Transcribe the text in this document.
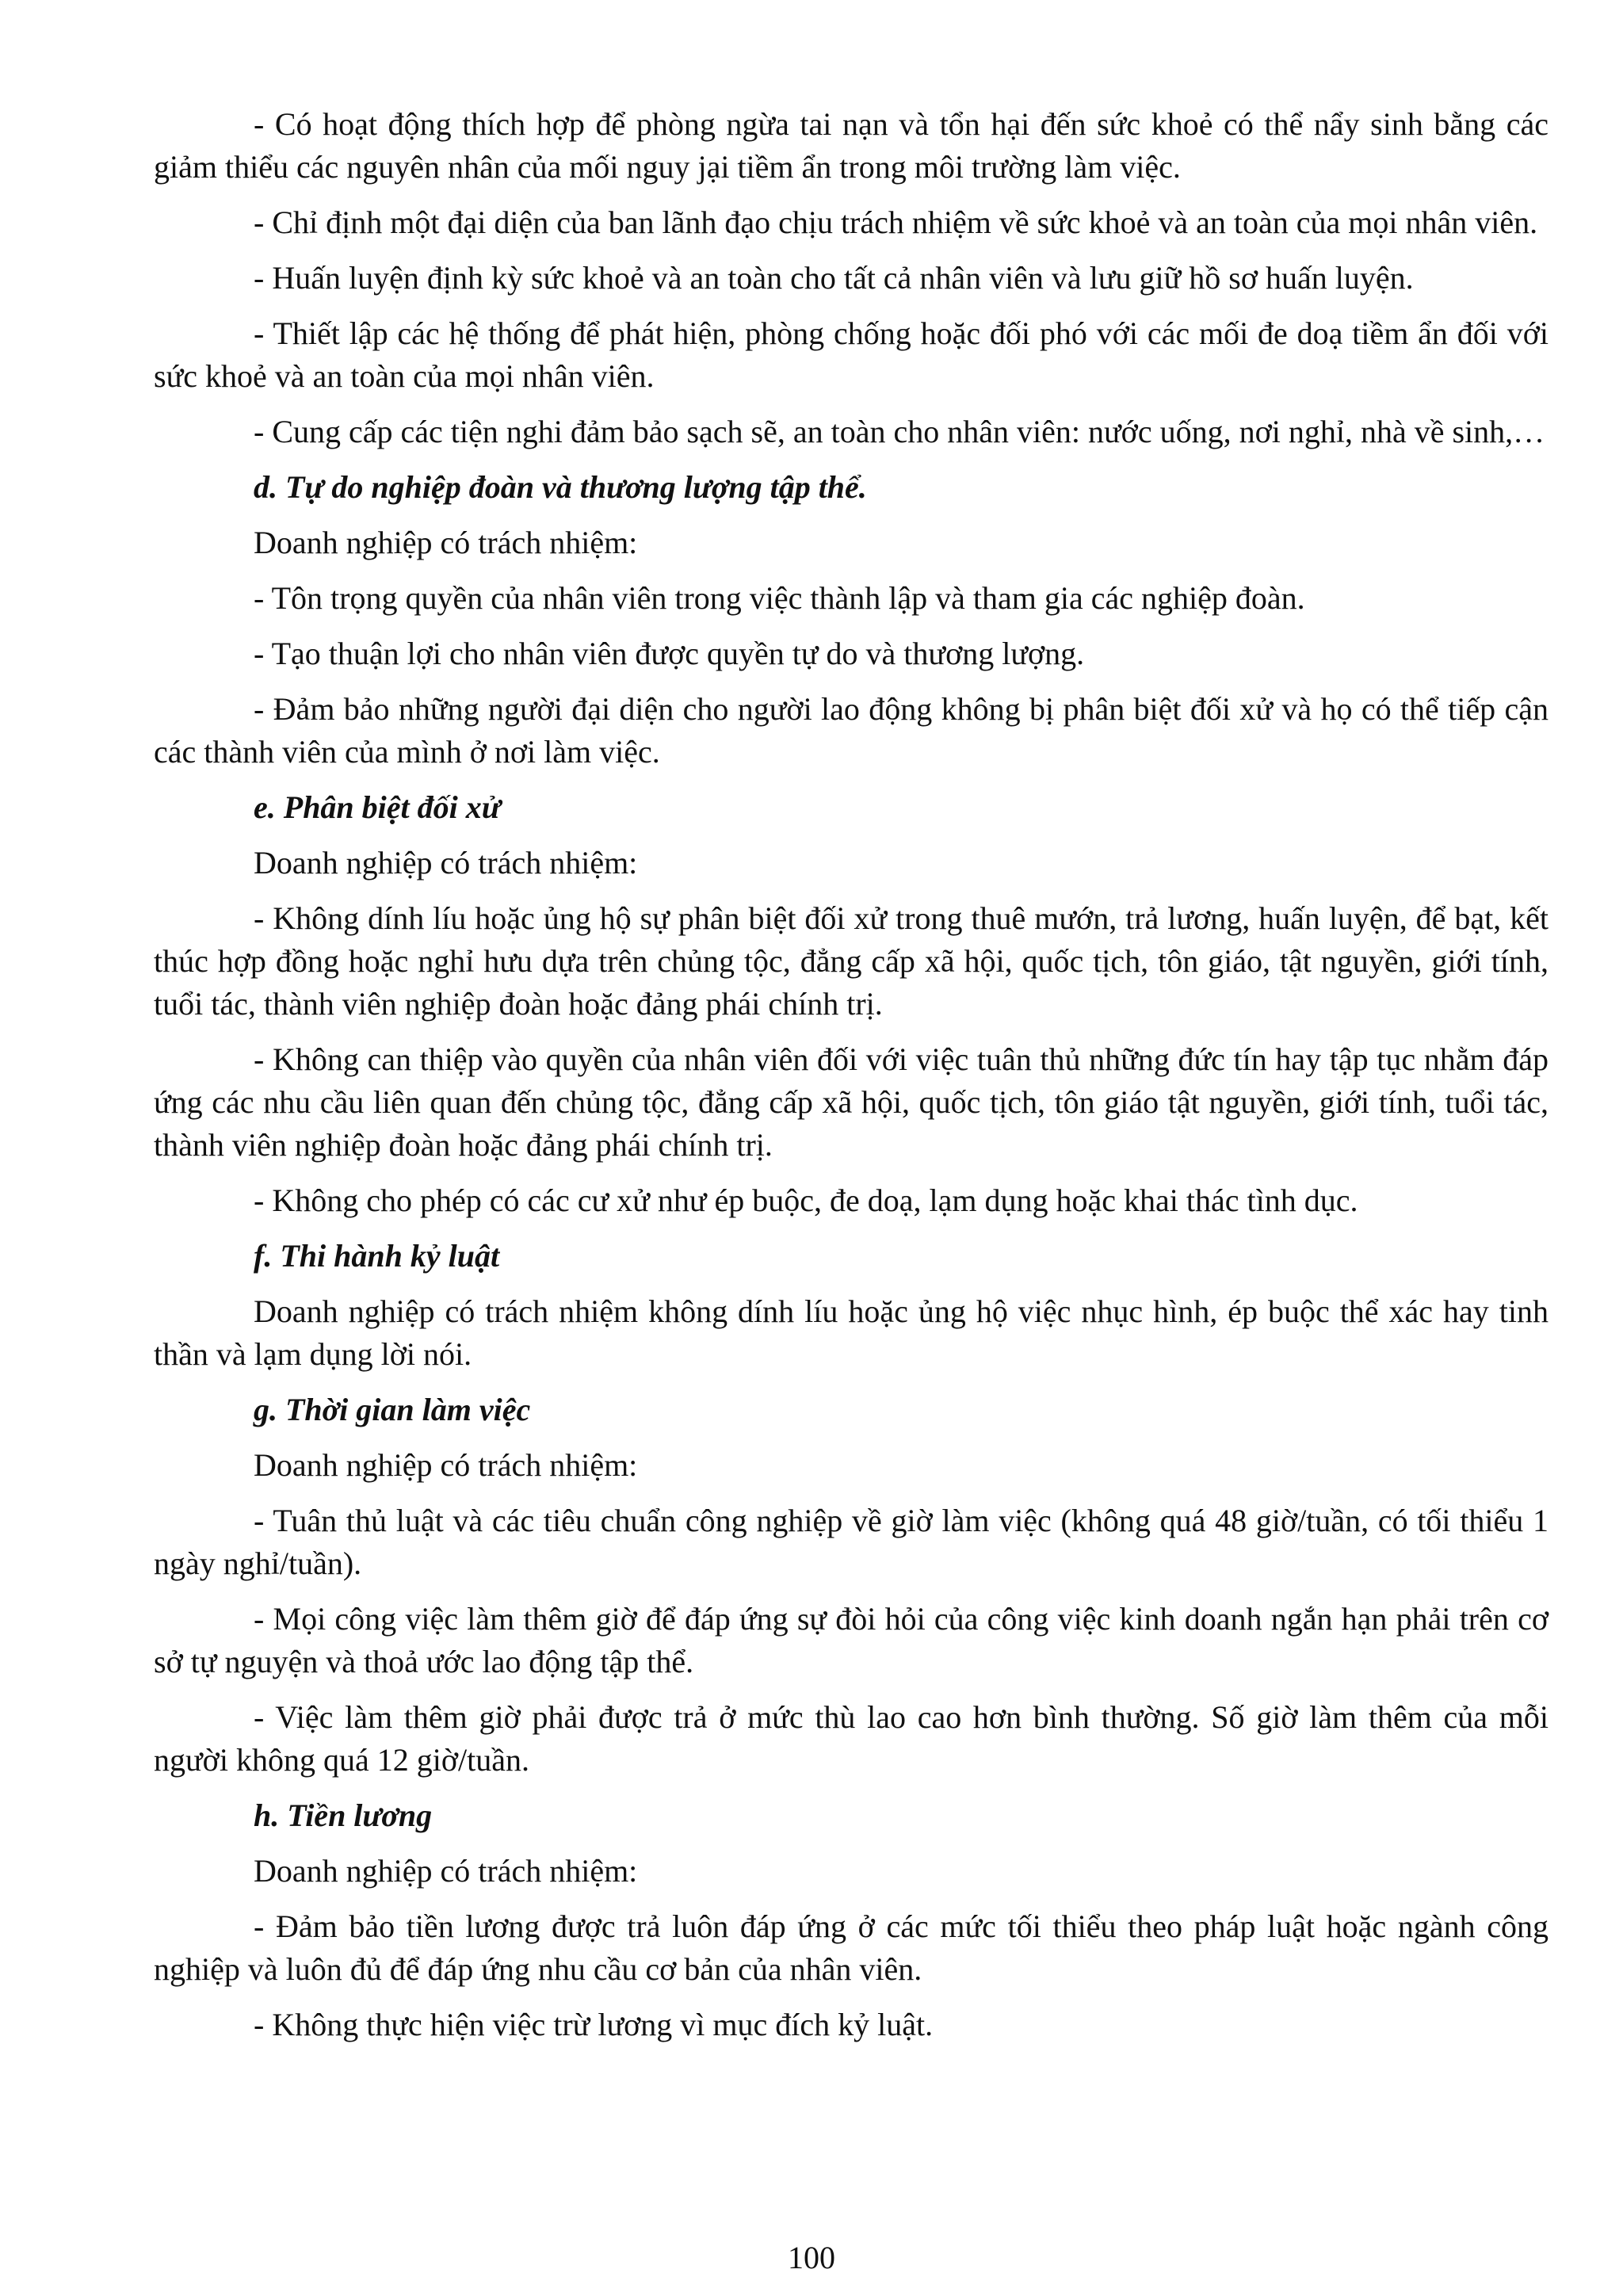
- Có hoạt động thích hợp để phòng ngừa tai nạn và tổn hại đến sức khoẻ có thể nẩy sinh bằng các giảm thiểu các nguyên nhân của mối nguy jại tiềm ẩn trong môi trường làm việc.

- Chỉ định một đại diện của ban lãnh đạo chịu trách nhiệm về sức khoẻ và an toàn của mọi nhân viên.

- Huấn luyện định kỳ sức khoẻ và an toàn cho tất cả nhân viên và lưu giữ hồ sơ huấn luyện.

- Thiết lập các hệ thống để phát hiện, phòng chống hoặc đối phó với các mối đe doạ tiềm ẩn đối với sức khoẻ và an toàn của mọi nhân viên.

- Cung cấp các tiện nghi đảm bảo sạch sẽ, an toàn cho nhân viên: nước uống, nơi nghỉ, nhà về sinh,…

d. Tự do nghiệp đoàn và thương lượng tập thể.

Doanh nghiệp có trách nhiệm:

- Tôn trọng quyền của nhân viên trong việc thành lập và tham gia các nghiệp đoàn.

- Tạo thuận lợi cho nhân viên được quyền tự do và thương lượng.

- Đảm bảo những người đại diện cho người lao động không bị phân biệt đối xử và họ có thể tiếp cận các thành viên của mình ở nơi làm việc.

e. Phân biệt đối xử

Doanh nghiệp có trách nhiệm:

- Không dính líu hoặc ủng hộ sự phân biệt đối xử trong thuê mướn, trả lương, huấn luyện, để bạt, kết thúc hợp đồng hoặc nghỉ hưu dựa trên chủng tộc, đẳng cấp xã hội, quốc tịch, tôn giáo, tật nguyền, giới tính, tuổi tác, thành viên nghiệp đoàn hoặc đảng phái chính trị.

- Không can thiệp vào quyền của nhân viên đối với việc tuân thủ những đức tín hay tập tục nhằm đáp ứng các nhu cầu liên quan đến chủng tộc, đẳng cấp xã hội, quốc tịch, tôn giáo tật nguyền, giới tính, tuổi tác, thành viên nghiệp đoàn hoặc đảng phái chính trị.

- Không cho phép có các cư xử như ép buộc, đe doạ, lạm dụng hoặc khai thác tình dục.

f. Thi hành kỷ luật

Doanh nghiệp có trách nhiệm không dính líu hoặc ủng hộ việc nhục hình, ép buộc thể xác hay tinh thần và lạm dụng lời nói.

g. Thời gian làm việc

Doanh nghiệp có trách nhiệm:

- Tuân thủ luật và các tiêu chuẩn công nghiệp về giờ làm việc (không quá 48 giờ/tuần, có tối thiểu 1 ngày nghỉ/tuần).

- Mọi công việc làm thêm giờ để đáp ứng sự đòi hỏi của công việc kinh doanh ngắn hạn phải trên cơ sở tự nguyện và thoả ước lao động tập thể.

- Việc làm thêm giờ phải được trả ở mức thù lao cao hơn bình thường. Số giờ làm thêm của mỗi người không quá 12 giờ/tuần.

h. Tiền lương

Doanh nghiệp có trách nhiệm:

- Đảm bảo tiền lương được trả luôn đáp ứng ở các mức tối thiểu theo pháp luật hoặc ngành công nghiệp và luôn đủ để đáp ứng nhu cầu cơ bản của nhân viên.

- Không thực hiện việc trừ lương vì mục đích kỷ luật.

100
